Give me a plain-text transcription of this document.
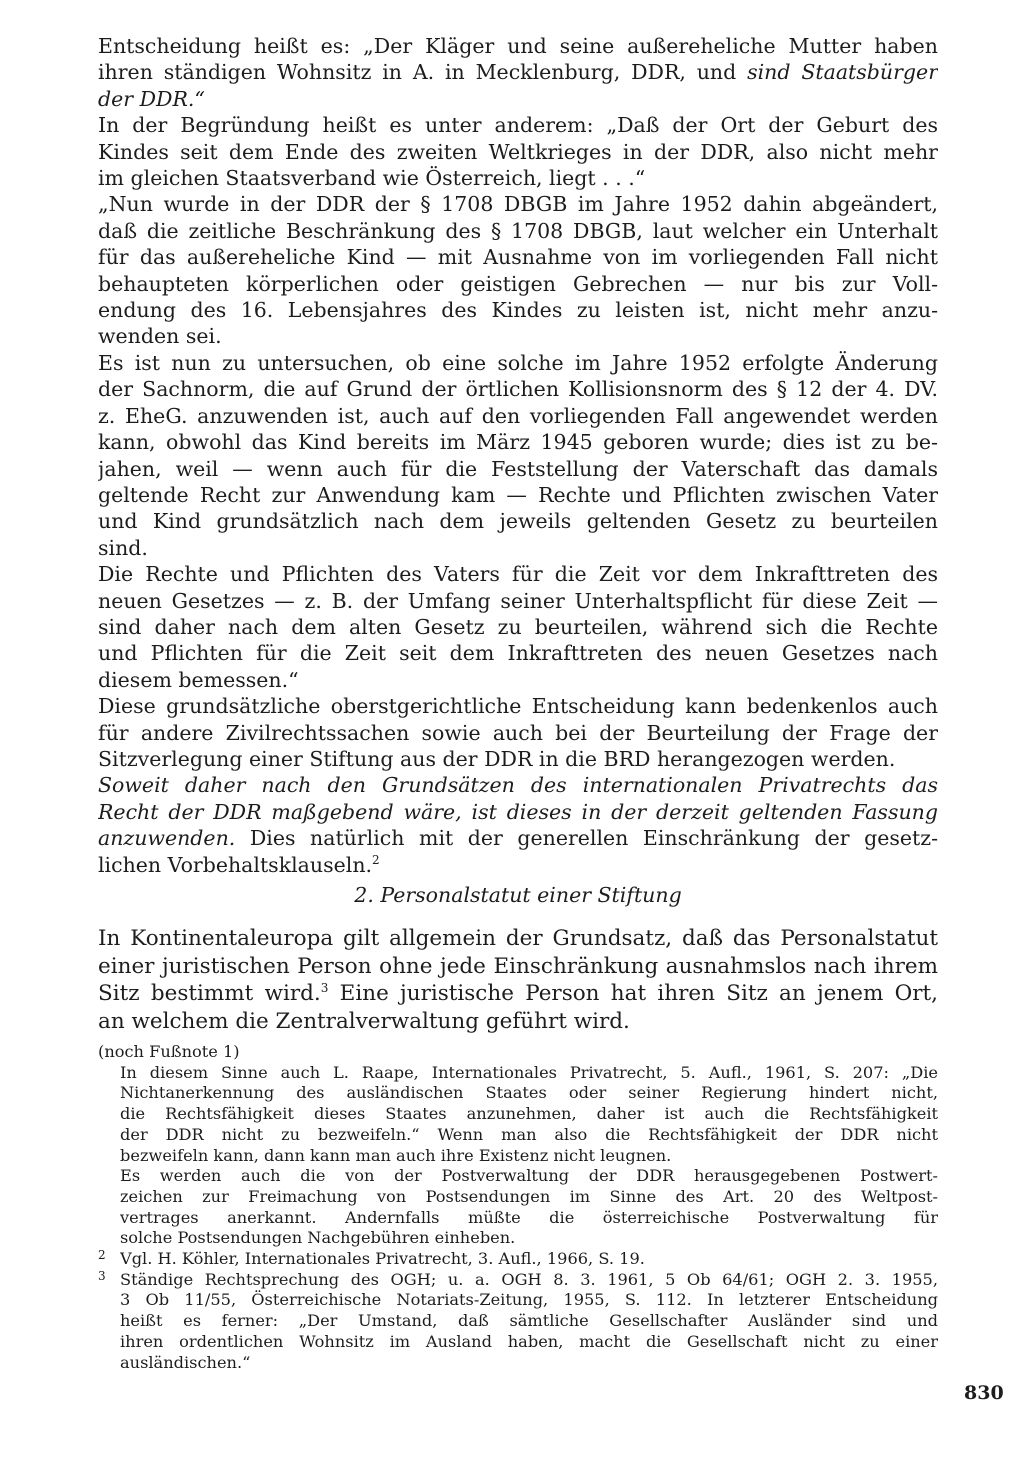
Entscheidung heißt es: „Der Kläger und seine außereheliche Mutter haben
ihren ständigen Wohnsitz in A. in Mecklenburg, DDR, und sind Staatsbürger
der DDR.“
In der Begründung heißt es unter anderem: „Daß der Ort der Geburt des
Kindes seit dem Ende des zweiten Weltkrieges in der DDR, also nicht mehr
im gleichen Staatsverband wie Österreich, liegt . . .“
„Nun wurde in der DDR der § 1708 DBGB im Jahre 1952 dahin abgeändert,
daß die zeitliche Beschränkung des § 1708 DBGB, laut welcher ein Unterhalt
für das außereheliche Kind — mit Ausnahme von im vorliegenden Fall nicht
behaupteten körperlichen oder geistigen Gebrechen — nur bis zur Voll-
endung des 16. Lebensjahres des Kindes zu leisten ist, nicht mehr anzu-
wenden sei.
Es ist nun zu untersuchen, ob eine solche im Jahre 1952 erfolgte Änderung
der Sachnorm, die auf Grund der örtlichen Kollisionsnorm des § 12 der 4. DV.
z. EheG. anzuwenden ist, auch auf den vorliegenden Fall angewendet werden
kann, obwohl das Kind bereits im März 1945 geboren wurde; dies ist zu be-
jahen, weil — wenn auch für die Feststellung der Vaterschaft das damals
geltende Recht zur Anwendung kam — Rechte und Pflichten zwischen Vater
und Kind grundsätzlich nach dem jeweils geltenden Gesetz zu beurteilen
sind.
Die Rechte und Pflichten des Vaters für die Zeit vor dem Inkrafttreten des
neuen Gesetzes — z. B. der Umfang seiner Unterhaltspflicht für diese Zeit —
sind daher nach dem alten Gesetz zu beurteilen, während sich die Rechte
und Pflichten für die Zeit seit dem Inkrafttreten des neuen Gesetzes nach
diesem bemessen.“
Diese grundsätzliche oberstgerichtliche Entscheidung kann bedenkenlos auch
für andere Zivilrechtssachen sowie auch bei der Beurteilung der Frage der
Sitzverlegung einer Stiftung aus der DDR in die BRD herangezogen werden.
Soweit daher nach den Grundsätzen des internationalen Privatrechts das
Recht der DDR maßgebend wäre, ist dieses in der derzeit geltenden Fassung
anzuwenden. Dies natürlich mit der generellen Einschränkung der gesetz-
lichen Vorbehaltsklauseln.$^2$
2. Personalstatut einer Stiftung
In Kontinentaleuropa gilt allgemein der Grundsatz, daß das Personalstatut
einer juristischen Person ohne jede Einschränkung ausnahmslos nach ihrem
Sitz bestimmt wird.$^3$ Eine juristische Person hat ihren Sitz an jenem Ort,
an welchem die Zentralverwaltung geführt wird.
(noch Fußnote 1)
In diesem Sinne auch L. Raape, Internationales Privatrecht, 5. Aufl., 1961, S. 207: „Die
Nichtanerkennung des ausländischen Staates oder seiner Regierung hindert nicht,
die Rechtsfähigkeit dieses Staates anzunehmen, daher ist auch die Rechtsfähigkeit
der DDR nicht zu bezweifeln.“ Wenn man also die Rechtsfähigkeit der DDR nicht
bezweifeln kann, dann kann man auch ihre Existenz nicht leugnen.
Es werden auch die von der Postverwaltung der DDR herausgegebenen Postwert-
zeichen zur Freimachung von Postsendungen im Sinne des Art. 20 des Weltpost-
vertrages anerkannt. Andernfalls müßte die österreichische Postverwaltung für
solche Postsendungen Nachgebühren einheben.
2 Vgl. H. Köhler, Internationales Privatrecht, 3. Aufl., 1966, S. 19.
3 Ständige Rechtsprechung des OGH; u. a. OGH 8. 3. 1961, 5 Ob 64/61; OGH 2. 3. 1955,
3 Ob 11/55, Österreichische Notariats-Zeitung, 1955, S. 112. In letzterer Entscheidung
heißt es ferner: „Der Umstand, daß sämtliche Gesellschafter Ausländer sind und
ihren ordentlichen Wohnsitz im Ausland haben, macht die Gesellschaft nicht zu einer
ausländischen.“
830
